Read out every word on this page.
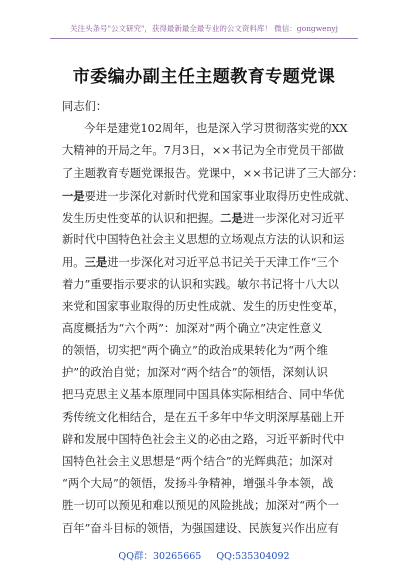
关注头条号"公文研究"，获得最新最全最专业的公文资料库！ 微信：gongwenyj
市委编办副主任主题教育专题党课
同志们：
今年是建党102周年，也是深入学习贯彻落实党的XX
大精神的开局之年。7月3日，××书记为全市党员干部做
了主题教育专题党课报告。党课中，××书记讲了三大部分：
一是要进一步深化对新时代党和国家事业取得历史性成就、
发生历史性变革的认识和把握。二是进一步深化对习近平
新时代中国特色社会主义思想的立场观点方法的认识和运
用。三是进一步深化对习近平总书记关于天津工作“三个
着力”重要指示要求的认识和实践。敏尔书记将十八大以
来党和国家事业取得的历史性成就、发生的历史性变革，
高度概括为“六个两”：加深对“两个确立”决定性意义
的领悟，切实把“两个确立”的政治成果转化为“两个维
护”的政治自觉；加深对“两个结合”的领悟，深刻认识
把马克思主义基本原理同中国具体实际相结合、同中华优
秀传统文化相结合，是在五千多年中华文明深厚基础上开
辟和发展中国特色社会主义的必由之路，习近平新时代中
国特色社会主义思想是“两个结合”的光辉典范；加深对
“两个大局”的领悟，发扬斗争精神，增强斗争本领，战
胜一切可以预见和难以预见的风险挑战；加深对“两个一
百年”奋斗目标的领悟，为强国建设、民族复兴作出应有
QQ群：30265665 QQ:535304092
